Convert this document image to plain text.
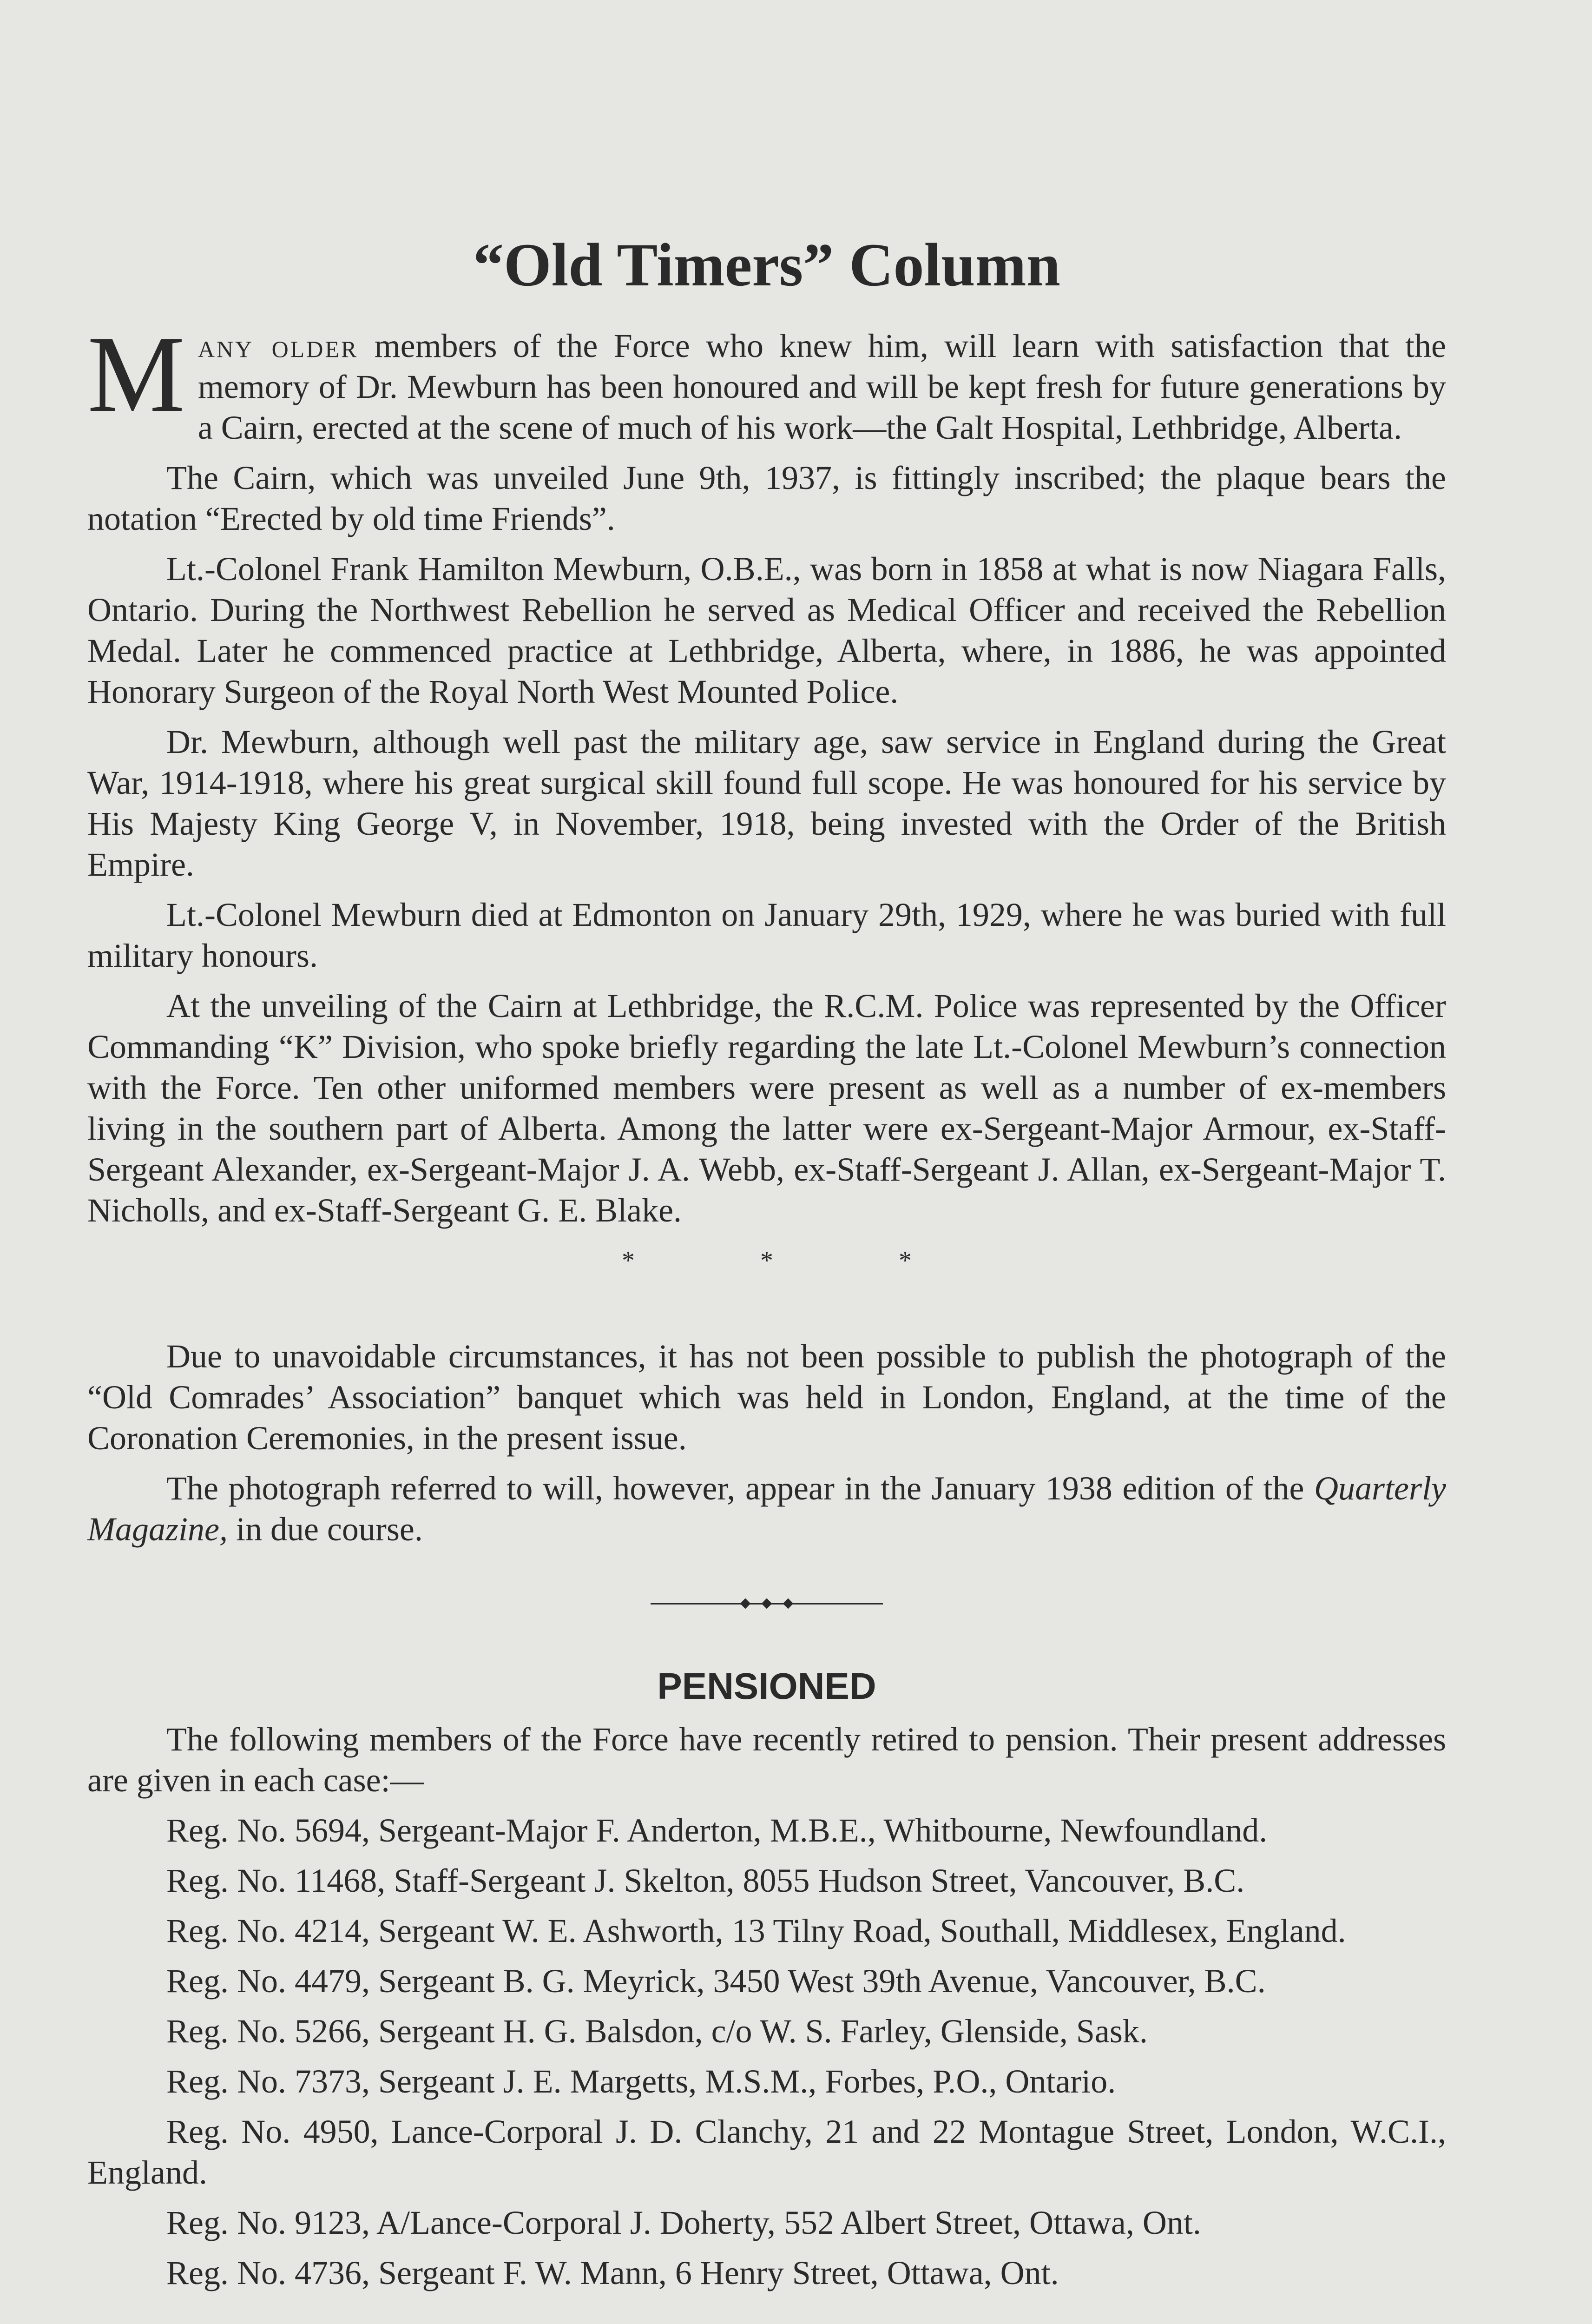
“Old Timers” Column

Many older members of the Force who knew him, will learn with satisfaction that the memory of Dr. Mewburn has been honoured and will be kept fresh for future generations by a Cairn, erected at the scene of much of his work—the Galt Hospital, Lethbridge, Alberta.

The Cairn, which was unveiled June 9th, 1937, is fittingly inscribed; the plaque bears the notation “Erected by old time Friends”.

Lt.-Colonel Frank Hamilton Mewburn, O.B.E., was born in 1858 at what is now Niagara Falls, Ontario. During the Northwest Rebellion he served as Medical Officer and received the Rebellion Medal. Later he commenced practice at Lethbridge, Alberta, where, in 1886, he was appointed Honorary Surgeon of the Royal North West Mounted Police.

Dr. Mewburn, although well past the military age, saw service in England during the Great War, 1914-1918, where his great surgical skill found full scope. He was honoured for his service by His Majesty King George V, in November, 1918, being invested with the Order of the British Empire.

Lt.-Colonel Mewburn died at Edmonton on January 29th, 1929, where he was buried with full military honours.

At the unveiling of the Cairn at Lethbridge, the R.C.M. Police was represented by the Officer Commanding “K” Division, who spoke briefly regarding the late Lt.-Colonel Mewburn’s connection with the Force. Ten other uniformed members were present as well as a number of ex-members living in the southern part of Alberta. Among the latter were ex-Sergeant-Major Armour, ex-Staff-Sergeant Alexander, ex-Sergeant-Major J. A. Webb, ex-Staff-Sergeant J. Allan, ex-Sergeant-Major T. Nicholls, and ex-Staff-Sergeant G. E. Blake.

*	*	*

Due to unavoidable circumstances, it has not been possible to publish the photograph of the “Old Comrades’ Association” banquet which was held in London, England, at the time of the Coronation Ceremonies, in the present issue.

The photograph referred to will, however, appear in the January 1938 edition of the Quarterly Magazine, in due course.

PENSIONED

The following members of the Force have recently retired to pension. Their present addresses are given in each case:—

Reg. No. 5694, Sergeant-Major F. Anderton, M.B.E., Whitbourne, Newfoundland.

Reg. No. 11468, Staff-Sergeant J. Skelton, 8055 Hudson Street, Vancouver, B.C.

Reg. No. 4214, Sergeant W. E. Ashworth, 13 Tilny Road, Southall, Middlesex, England.

Reg. No. 4479, Sergeant B. G. Meyrick, 3450 West 39th Avenue, Vancouver, B.C.

Reg. No. 5266, Sergeant H. G. Balsdon, c/o W. S. Farley, Glenside, Sask.

Reg. No. 7373, Sergeant J. E. Margetts, M.S.M., Forbes, P.O., Ontario.

Reg. No. 4950, Lance-Corporal J. D. Clanchy, 21 and 22 Montague Street, London, W.C.I., England.

Reg. No. 9123, A/Lance-Corporal J. Doherty, 552 Albert Street, Ottawa, Ont.

Reg. No. 4736, Sergeant F. W. Mann, 6 Henry Street, Ottawa, Ont.
